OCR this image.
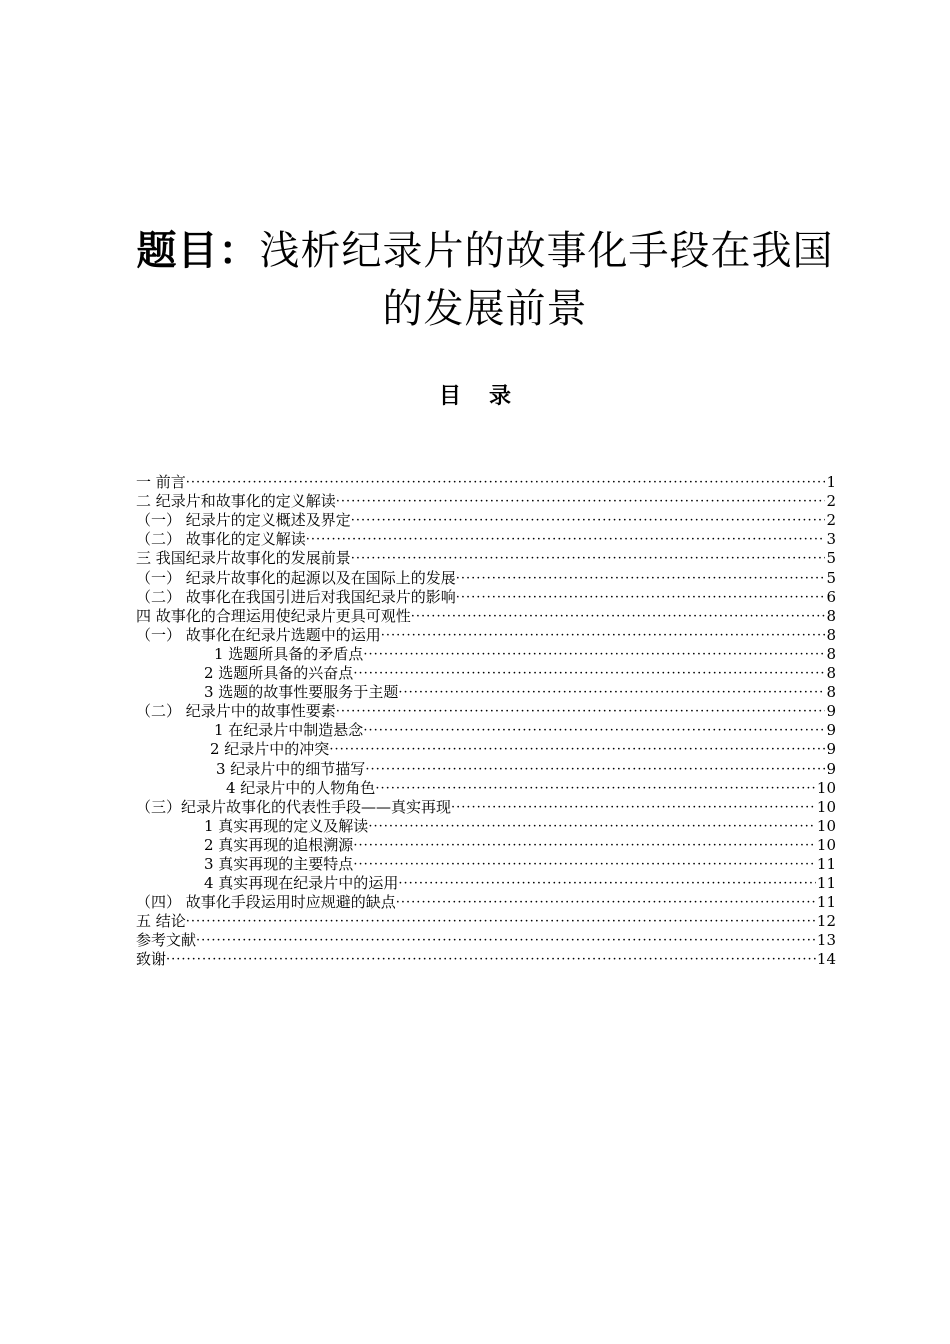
题目：浅析纪录片的故事化手段在我国的发展前景
目 录
一 前言 ·····	1
二 纪录片和故事化的定义解读 ·····	2
（一） 纪录片的定义概述及界定 ·····	2
（二） 故事化的定义解读 ·····	3
三 我国纪录片故事化的发展前景 ·····	5
（一） 纪录片故事化的起源以及在国际上的发展 ·····	5
（二） 故事化在我国引进后对我国纪录片的影响 ·····	6
四 故事化的合理运用使纪录片更具可观性 ·····	8
（一） 故事化在纪录片选题中的运用 ·····	8
1 选题所具备的矛盾点 ·····	8
2 选题所具备的兴奋点 ·····	8
3 选题的故事性要服务于主题 ·····	8
（二） 纪录片中的故事性要素 ·····	9
1 在纪录片中制造悬念 ·····	9
2 纪录片中的冲突 ·····	9
3 纪录片中的细节描写 ·····	9
4 纪录片中的人物角色 ·····	10
（三）纪录片故事化的代表性手段——真实再现 ·····	10
1 真实再现的定义及解读 ·····	10
2 真实再现的追根溯源 ·····	10
3 真实再现的主要特点 ·····	11
4 真实再现在纪录片中的运用 ·····	11
（四） 故事化手段运用时应规避的缺点 ·····	11
五 结论 ·····	12
参考文献 ·····	13
致谢 ·····	14
